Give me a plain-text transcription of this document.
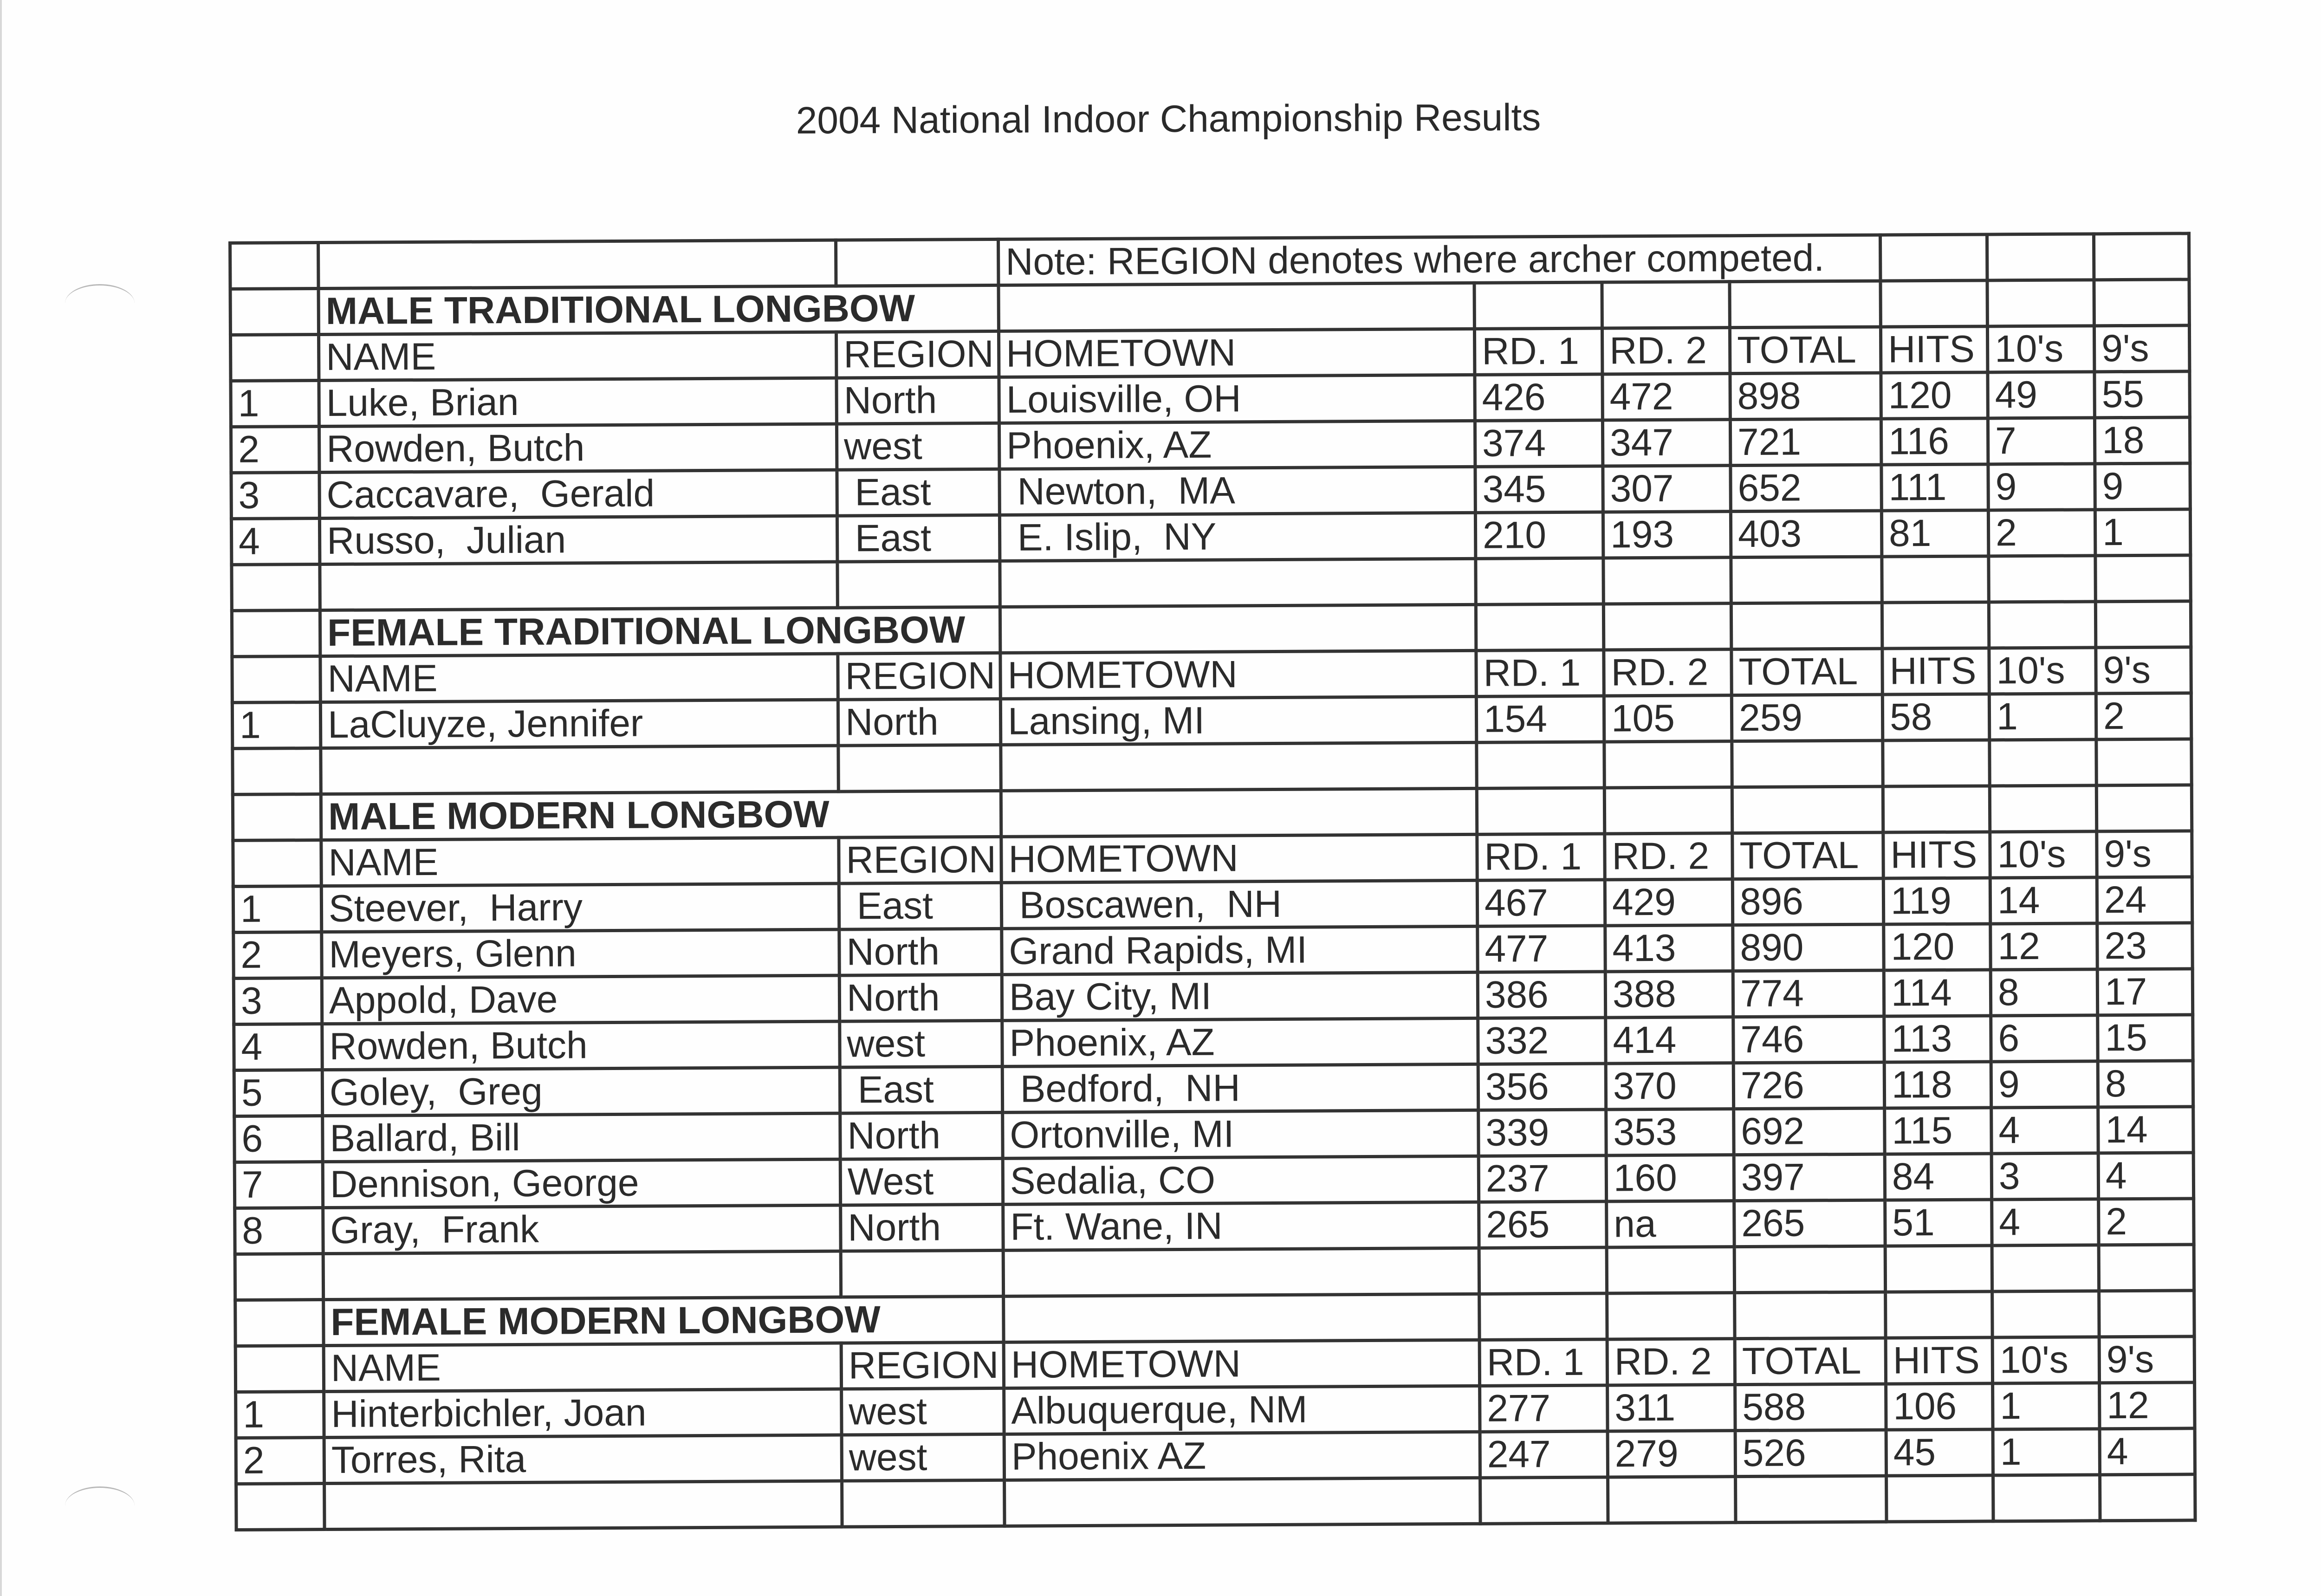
2004 National Indoor Championship Results
			Note: REGION denotes where archer competed.						
	MALE TRADITIONAL LONGBOW								
	NAME	REGION	HOMETOWN	RD. 1	RD. 2	TOTAL	HITS	10's	9's
1	Luke, Brian	North	Louisville, OH	426	472	898	120	49	55
2	Rowden, Butch	west	Phoenix, AZ	374	347	721	116	7	18
3	Caccavare,  Gerald	East	Newton,  MA	345	307	652	111	9	9
4	Russo,  Julian	East	E. Islip,  NY	210	193	403	81	2	1

	FEMALE TRADITIONAL LONGBOW								
	NAME	REGION	HOMETOWN	RD. 1	RD. 2	TOTAL	HITS	10's	9's
1	LaCluyze, Jennifer	North	Lansing, MI	154	105	259	58	1	2

	MALE MODERN LONGBOW								
	NAME	REGION	HOMETOWN	RD. 1	RD. 2	TOTAL	HITS	10's	9's
1	Steever,  Harry	East	Boscawen,  NH	467	429	896	119	14	24
2	Meyers, Glenn	North	Grand Rapids, MI	477	413	890	120	12	23
3	Appold, Dave	North	Bay City, MI	386	388	774	114	8	17
4	Rowden, Butch	west	Phoenix, AZ	332	414	746	113	6	15
5	Goley,  Greg	East	Bedford,  NH	356	370	726	118	9	8
6	Ballard, Bill	North	Ortonville, MI	339	353	692	115	4	14
7	Dennison, George	West	Sedalia, CO	237	160	397	84	3	4
8	Gray,  Frank	North	Ft. Wane, IN	265	na	265	51	4	2

	FEMALE MODERN LONGBOW								
	NAME	REGION	HOMETOWN	RD. 1	RD. 2	TOTAL	HITS	10's	9's
1	Hinterbichler, Joan	west	Albuquerque, NM	277	311	588	106	1	12
2	Torres, Rita	west	Phoenix AZ	247	279	526	45	1	4
